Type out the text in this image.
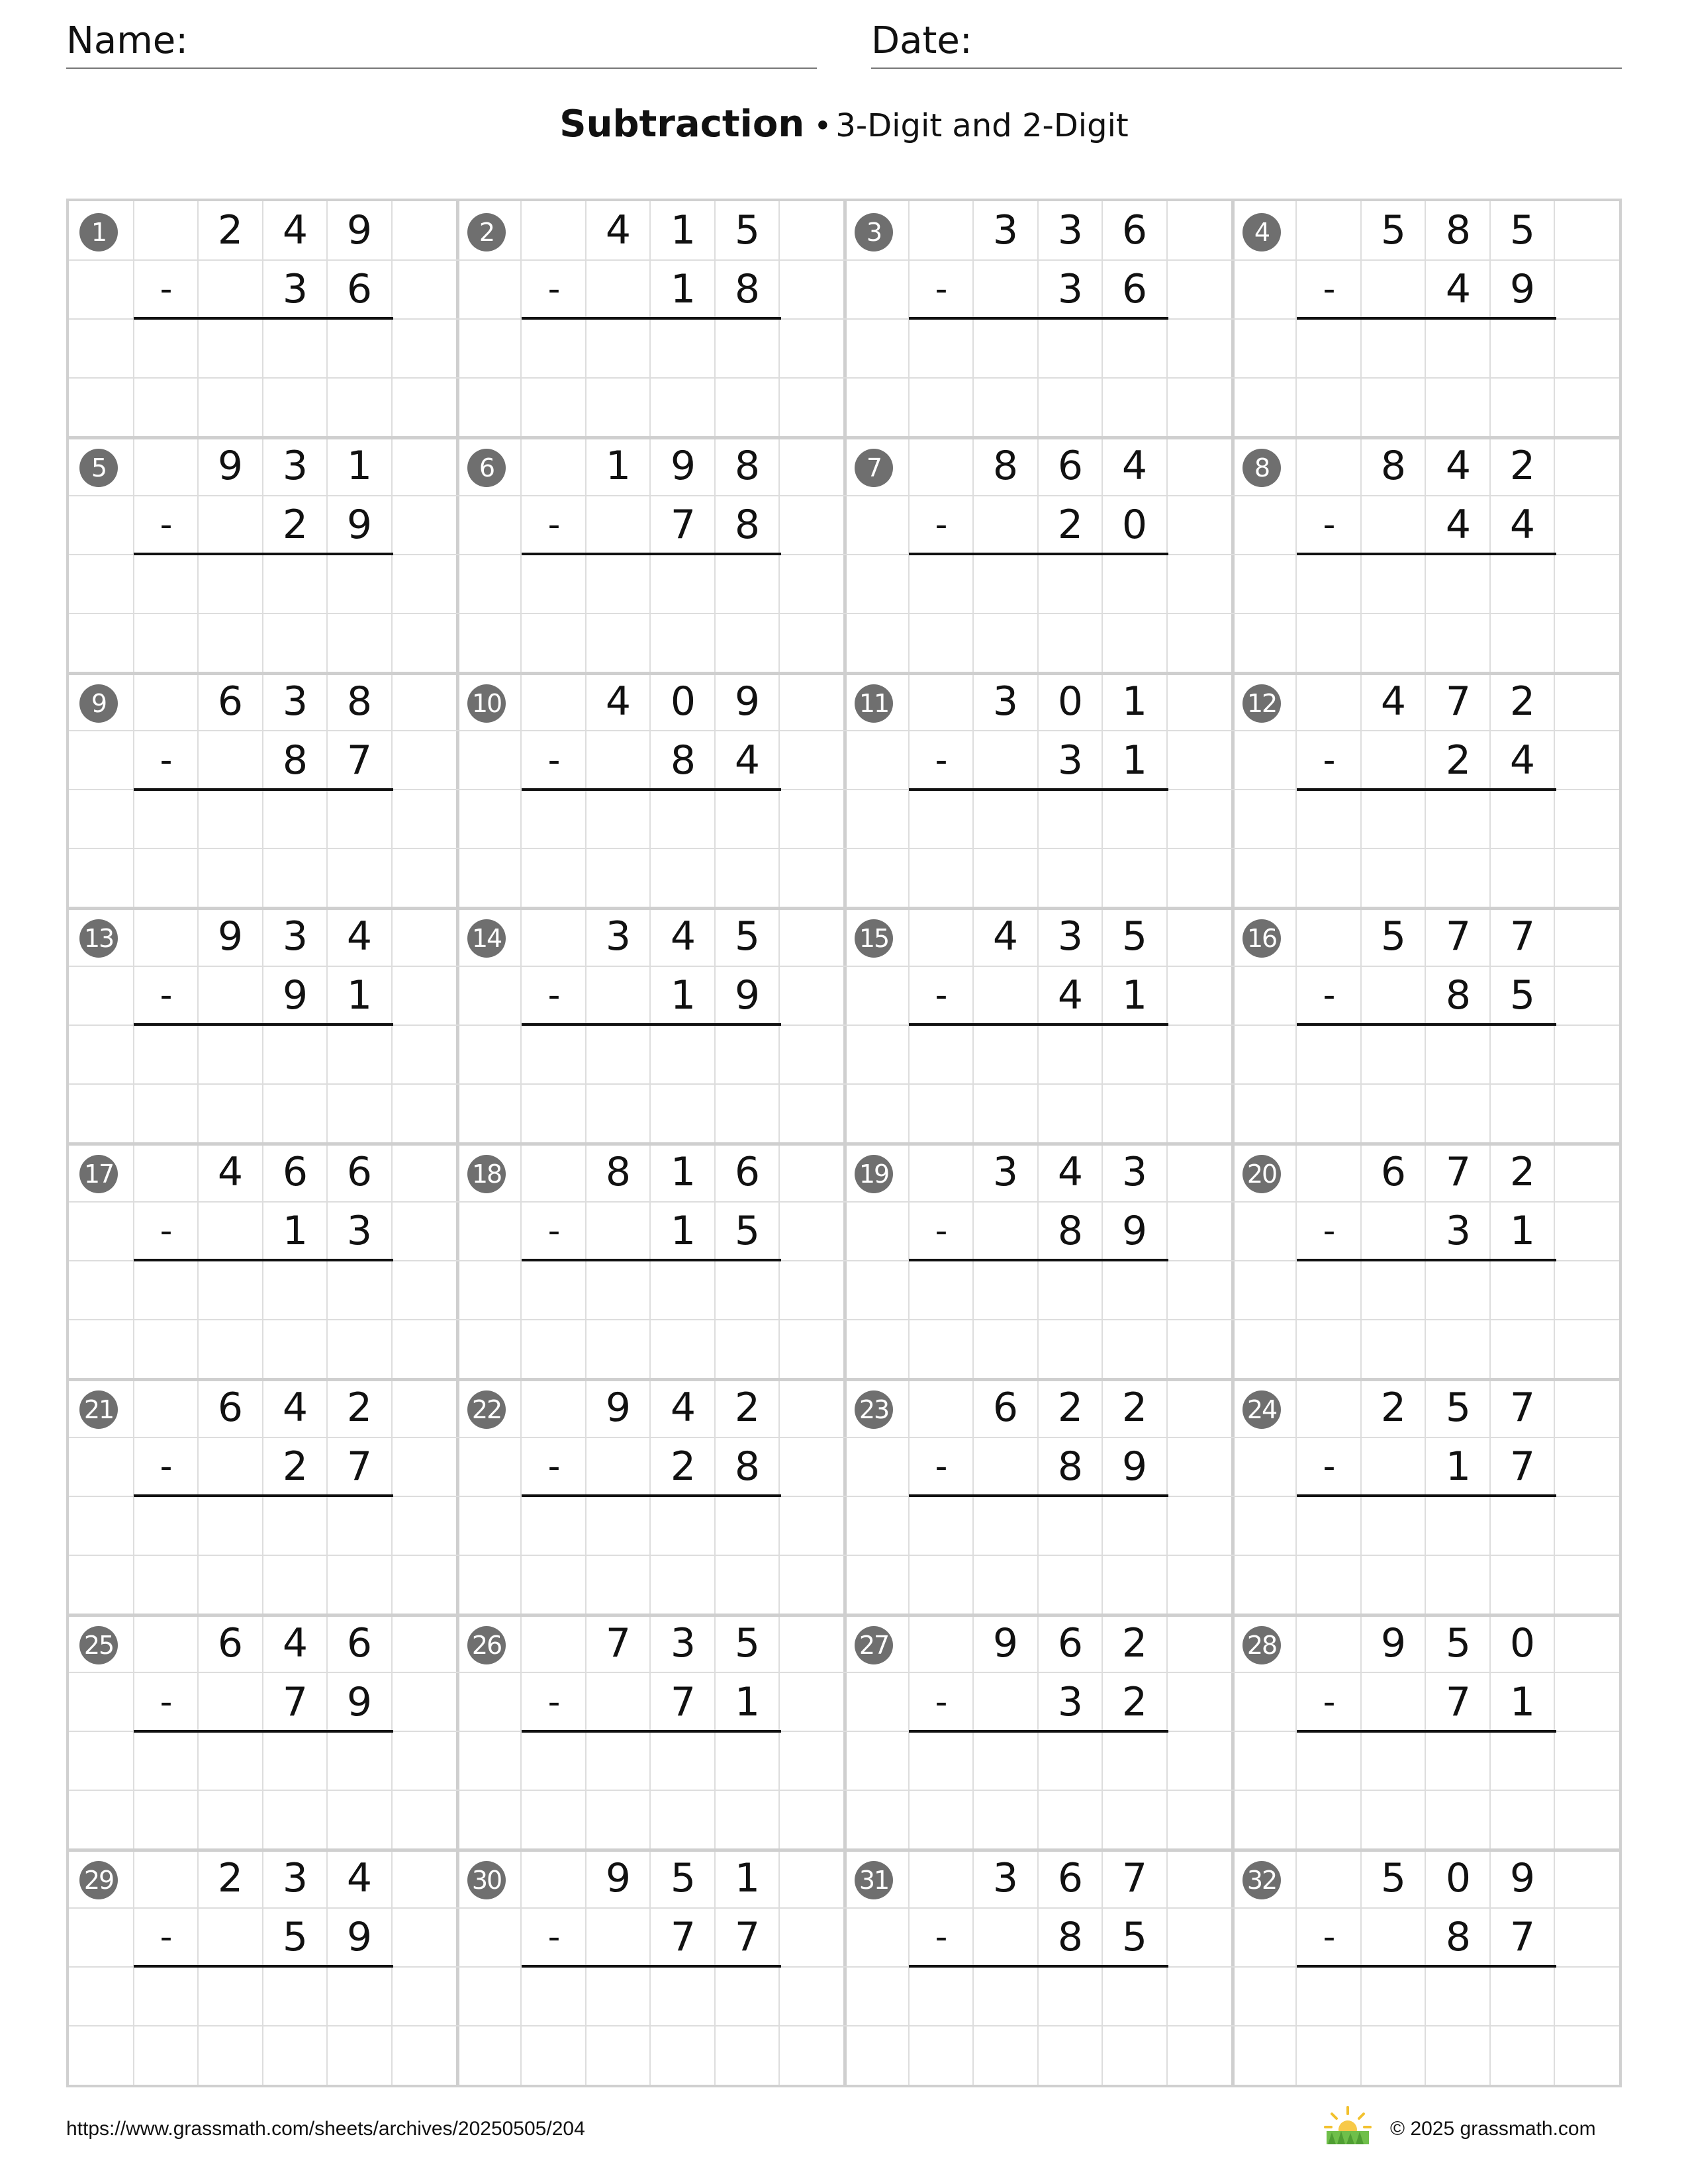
Name:	Date:
Subtraction • 3-Digit and 2-Digit
1	2 4 9
-	3 6
2	4 1 5
-	1 8
3	3 3 6
-	3 6
4	5 8 5
-	4 9
5	9 3 1
-	2 9
6	1 9 8
-	7 8
7	8 6 4
-	2 0
8	8 4 2
-	4 4
9	6 3 8
-	8 7
10	4 0 9
-	8 4
11	3 0 1
-	3 1
12	4 7 2
-	2 4
13	9 3 4
-	9 1
14	3 4 5
-	1 9
15	4 3 5
-	4 1
16	5 7 7
-	8 5
17	4 6 6
-	1 3
18	8 1 6
-	1 5
19	3 4 3
-	8 9
20	6 7 2
-	3 1
21	6 4 2
-	2 7
22	9 4 2
-	2 8
23	6 2 2
-	8 9
24	2 5 7
-	1 7
25	6 4 6
-	7 9
26	7 3 5
-	7 1
27	9 6 2
-	3 2
28	9 5 0
-	7 1
29	2 3 4
-	5 9
30	9 5 1
-	7 7
31	3 6 7
-	8 5
32	5 0 9
-	8 7
https://www.grassmath.com/sheets/archives/20250505/204	© 2025 grassmath.com
